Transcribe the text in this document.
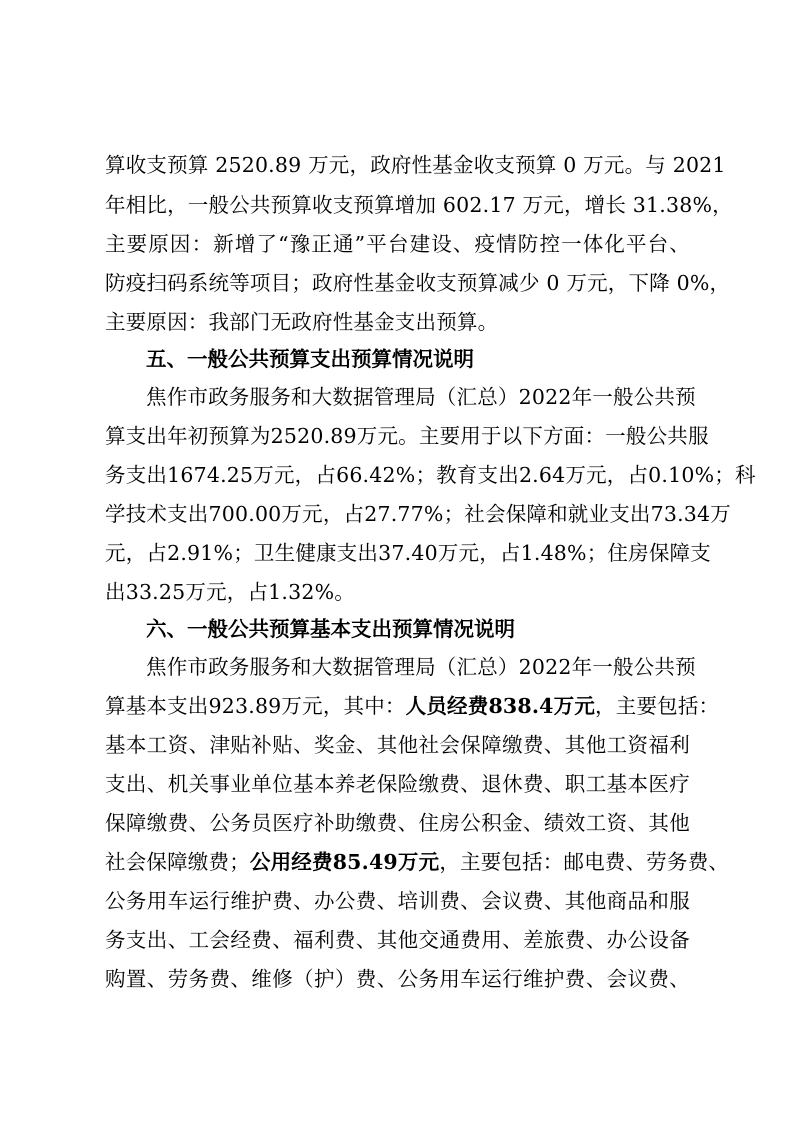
算收支预算 2520.89 万元，政府性基金收支预算 0 万元。与 2021
年相比，一般公共预算收支预算增加 602.17 万元，增长 31.38%，
主要原因：新增了“豫正通”平台建设、疫情防控一体化平台、
防疫扫码系统等项目；政府性基金收支预算减少 0 万元，下降 0%，
主要原因：我部门无政府性基金支出预算。
五、一般公共预算支出预算情况说明
焦作市政务服务和大数据管理局（汇总）2022年一般公共预
算支出年初预算为2520.89万元。主要用于以下方面：一般公共服
务支出1674.25万元，占66.42%；教育支出2.64万元，占0.10%；科
学技术支出700.00万元，占27.77%；社会保障和就业支出73.34万
元，占2.91%；卫生健康支出37.40万元，占1.48%；住房保障支
出33.25万元，占1.32%。
六、一般公共预算基本支出预算情况说明
焦作市政务服务和大数据管理局（汇总）2022年一般公共预
算基本支出923.89万元，其中：人员经费838.4万元，主要包括：
基本工资、津贴补贴、奖金、其他社会保障缴费、其他工资福利
支出、机关事业单位基本养老保险缴费、退休费、职工基本医疗
保障缴费、公务员医疗补助缴费、住房公积金、绩效工资、其他
社会保障缴费；公用经费85.49万元，主要包括：邮电费、劳务费、
公务用车运行维护费、办公费、培训费、会议费、其他商品和服
务支出、工会经费、福利费、其他交通费用、差旅费、办公设备
购置、劳务费、维修（护）费、公务用车运行维护费、会议费、
